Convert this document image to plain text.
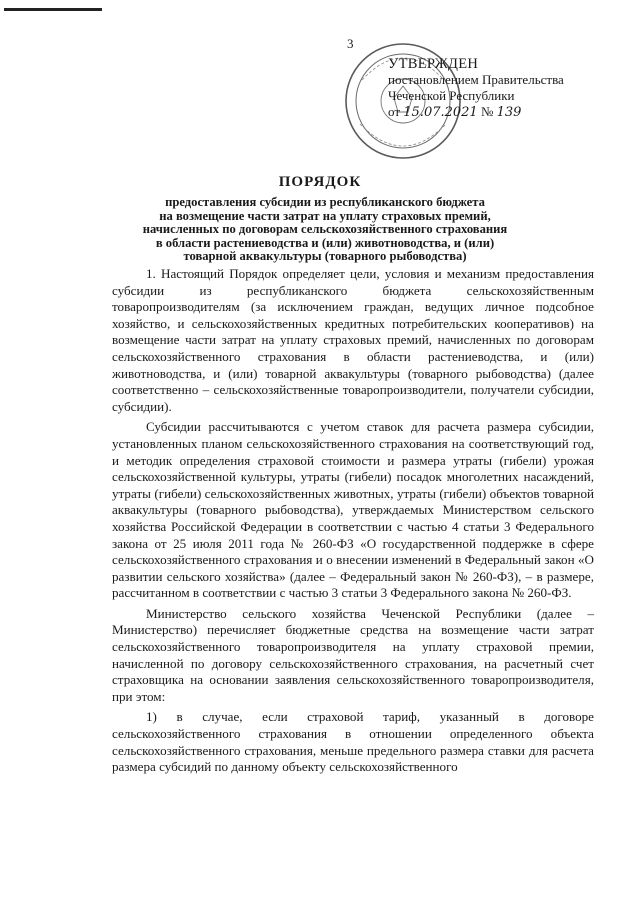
3
УТВЕРЖДЕН
постановлением Правительства
Чеченской Республики
от 15.07.2021 № 139
ПОРЯДОК
предоставления субсидии из республиканского бюджета
на возмещение части затрат на уплату страховых премий,
начисленных по договорам сельскохозяйственного страхования
в области растениеводства и (или) животноводства, и (или)
товарной аквакультуры (товарного рыбоводства)

1. Настоящий Порядок определяет цели, условия и механизм предоставления субсидии из республиканского бюджета сельскохозяйственным товаропроизводителям (за исключением граждан, ведущих личное подсобное хозяйство, и сельскохозяйственных кредитных потребительских кооперативов) на возмещение части затрат на уплату страховых премий, начисленных по договорам сельскохозяйственного страхования в области растениеводства, и (или) животноводства, и (или) товарной аквакультуры (товарного рыбоводства) (далее соответственно – сельскохозяйственные товаропроизводители, получатели субсидии, субсидии).

Субсидии рассчитываются с учетом ставок для расчета размера субсидии, установленных планом сельскохозяйственного страхования на соответствующий год, и методик определения страховой стоимости и размера утраты (гибели) урожая сельскохозяйственной культуры, утраты (гибели) посадок многолетних насаждений, утраты (гибели) сельскохозяйственных животных, утраты (гибели) объектов товарной аквакультуры (товарного рыбоводства), утверждаемых Министерством сельского хозяйства Российской Федерации в соответствии с частью 4 статьи 3 Федерального закона от 25 июля 2011 года № 260-ФЗ «О государственной поддержке в сфере сельскохозяйственного страхования и о внесении изменений в Федеральный закон «О развитии сельского хозяйства» (далее – Федеральный закон № 260-ФЗ), – в размере, рассчитанном в соответствии с частью 3 статьи 3 Федерального закона № 260-ФЗ.

Министерство сельского хозяйства Чеченской Республики (далее – Министерство) перечисляет бюджетные средства на возмещение части затрат сельскохозяйственного товаропроизводителя на уплату страховой премии, начисленной по договору сельскохозяйственного страхования, на расчетный счет страховщика на основании заявления сельскохозяйственного товаропроизводителя, при этом:

1) в случае, если страховой тариф, указанный в договоре сельскохозяйственного страхования в отношении определенного объекта сельскохозяйственного страхования, меньше предельного размера ставки для расчета размера субсидий по данному объекту сельскохозяйственного
